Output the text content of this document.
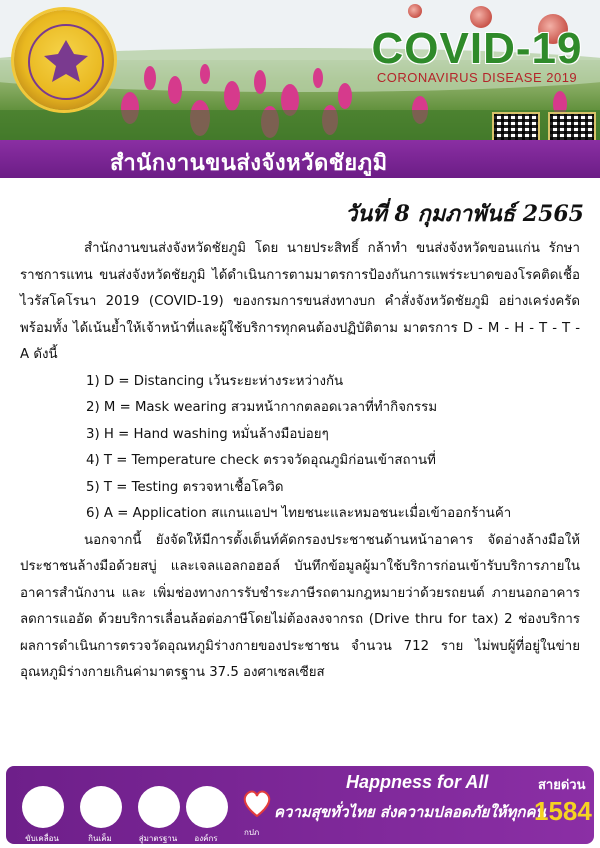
COVID-19
CORONAVIRUS DISEASE 2019
สำนักงานขนส่งจังหวัดชัยภูมิ
วันที่ 8 กุมภาพันธ์ 2565

สำนักงานขนส่งจังหวัดชัยภูมิ โดย นายประสิทธิ์ กล้าทำ ขนส่งจังหวัดขอนแก่น รักษาราชการแทน ขนส่งจังหวัดชัยภูมิ ได้ดำเนินการตามมาตรการป้องกันการแพร่ระบาดของโรคติดเชื้อไวรัสโคโรนา 2019 (COVID-19) ของกรมการขนส่งทางบก คำสั่งจังหวัดชัยภูมิ อย่างเคร่งครัด พร้อมทั้ง ได้เน้นย้ำให้เจ้าหน้าที่และผู้ใช้บริการทุกคนต้องปฏิบัติตาม มาตรการ D - M - H - T - T - A ดังนี้

1) D = Distancing เว้นระยะห่างระหว่างกัน

2) M = Mask wearing สวมหน้ากากตลอดเวลาที่ทำกิจกรรม

3) H = Hand washing หมั่นล้างมือบ่อยๆ

4) T = Temperature check ตรวจวัดอุณภูมิก่อนเข้าสถานที่

5) T = Testing ตรวจหาเชื้อโควิด

6) A = Application สแกนแอปฯ ไทยชนะและหมอชนะเมื่อเข้าออกร้านค้า

นอกจากนี้ ยังจัดให้มีการตั้งเต็นท์คัดกรองประชาชนด้านหน้าอาคาร จัดอ่างล้างมือให้ประชาชนล้างมือด้วยสบู่ และเจลแอลกอฮอล์ บันทึกข้อมูลผู้มาใช้บริการก่อนเข้ารับบริการภายในอาคารสำนักงาน และ เพิ่มช่องทางการรับชำระภาษีรถตามกฎหมายว่าด้วยรถยนต์ ภายนอกอาคารลดการแออัด ด้วยบริการเลื่อนล้อต่อภาษีโดยไม่ต้องลงจากรถ (Drive thru for tax) 2 ช่องบริการ ผลการดำเนินการตรวจวัดอุณหภูมิร่างกายของประชาชน จำนวน 712 ราย ไม่พบผู้ที่อยู่ในข่ายอุณหภูมิร่างกายเกินค่ามาตรฐาน 37.5 องศาเซลเซียส

ขับเคลื่อน	กินเค็ม	สู่มาตรฐาน	องค์กร
กปภ
Happness for All
ความสุขทั่วไทย ส่งความปลอดภัยให้ทุกคน
สายด่วน
1584
